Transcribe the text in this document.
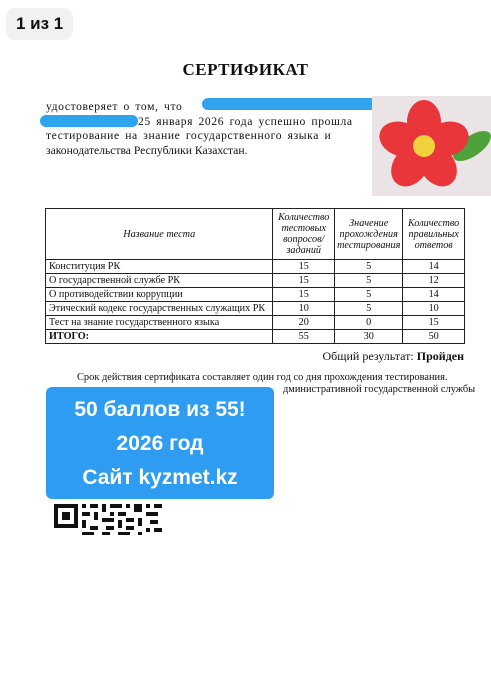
1 из 1
СЕРТИФИКАТ
удостоверяет о том, что
25 января 2026 года успешно прошла
тестирование на знание государственного языка и
законодательства Республики Казахстан.
Название теста	Количество тестовых вопросов/ заданий	Значение прохождения тестирования	Количество правильных ответов
Конституция РК	15	5	14
О государственной службе РК	15	5	12
О противодействии коррупции	15	5	14
Этический кодекс государственных служащих РК	10	5	10
Тест на знание государственного языка	20	0	15
ИТОГО:	55	30	50
Общий результат: Пройден
Срок действия сертификата составляет один год со дня прохождения тестирования.
дминистративной государственной службы
50 баллов из 55!
2026 год
Сайт kyzmet.kz
